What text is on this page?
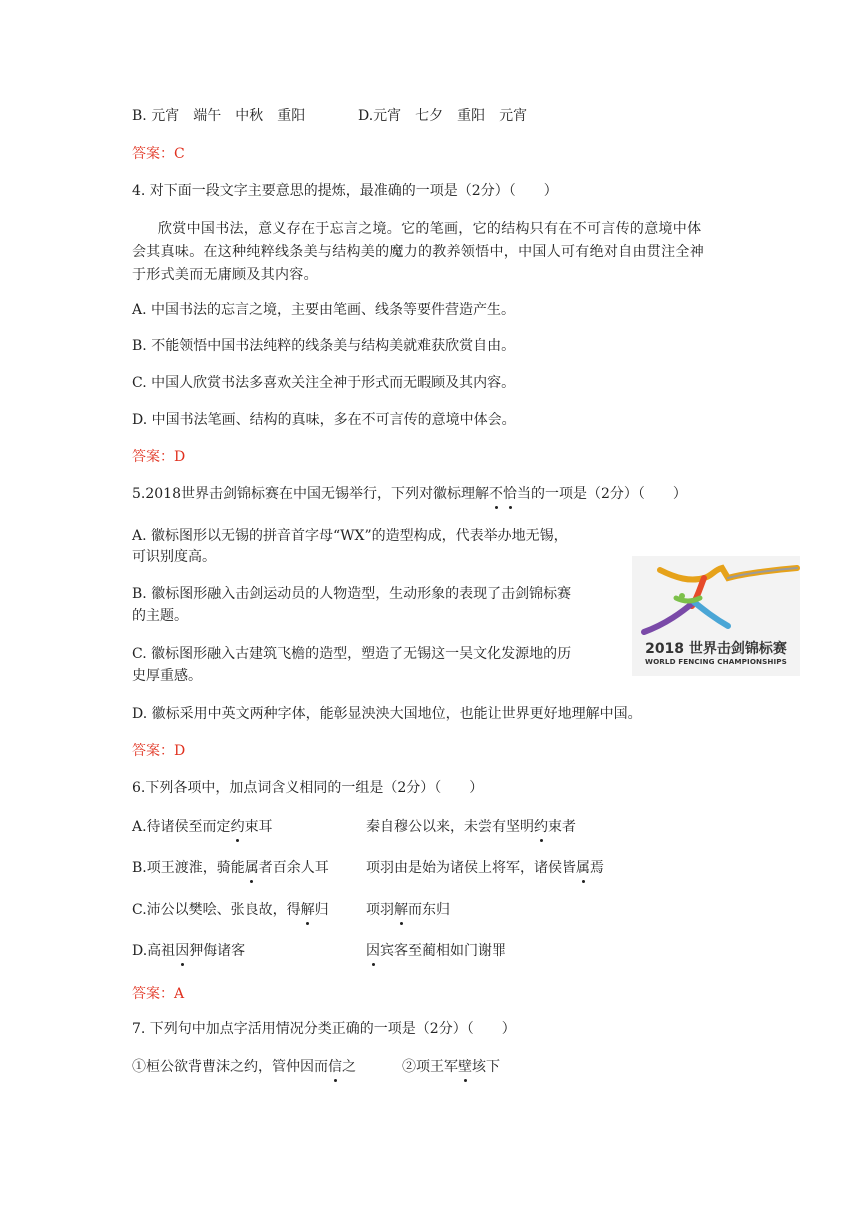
B. 元宵　端午　中秋　重阳	D.元宵　七夕　重阳　元宵
答案：C
4. 对下面一段文字主要意思的提炼，最准确的一项是（2分）（　　）
欣赏中国书法，意义存在于忘言之境。它的笔画，它的结构只有在不可言传的意境中体
会其真味。在这种纯粹线条美与结构美的魔力的教养领悟中，中国人可有绝对自由贯注全神
于形式美而无庸顾及其内容。
A. 中国书法的忘言之境，主要由笔画、线条等要件营造产生。
B. 不能领悟中国书法纯粹的线条美与结构美就难获欣赏自由。
C. 中国人欣赏书法多喜欢关注全神于形式而无暇顾及其内容。
D. 中国书法笔画、结构的真味，多在不可言传的意境中体会。
答案：D
5.2018世界击剑锦标赛在中国无锡举行，下列对徽标理解不恰当的一项是（2分）（　　）
A. 徽标图形以无锡的拼音首字母“WX”的造型构成，代表举办地无锡，
可识别度高。
B. 徽标图形融入击剑运动员的人物造型，生动形象的表现了击剑锦标赛
的主题。
C. 徽标图形融入古建筑飞檐的造型，塑造了无锡这一吴文化发源地的历
史厚重感。
D. 徽标采用中英文两种字体，能彰显泱泱大国地位，也能让世界更好地理解中国。
答案：D
2018 世界击剑锦标赛
WORLD FENCING CHAMPIONSHIPS
6.下列各项中，加点词含义相同的一组是（2分）（　　）
A.待诸侯至而定约束耳	秦自穆公以来，未尝有坚明约束者
B.项王渡淮，骑能属者百余人耳	项羽由是始为诸侯上将军，诸侯皆属焉
C.沛公以樊哙、张良故，得解归	项羽解而东归
D.高祖因狎侮诸客	因宾客至蔺相如门谢罪
答案：A
7. 下列句中加点字活用情况分类正确的一项是（2分）（　　）
①桓公欲背曹沫之约，管仲因而信之	②项王军壁垓下
